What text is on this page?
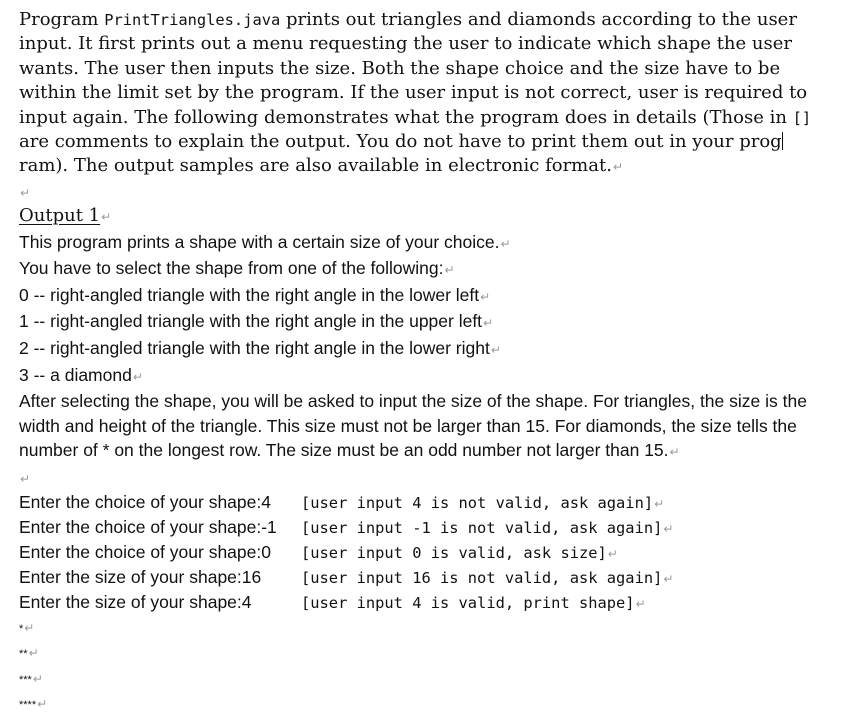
Program PrintTriangles.java prints out triangles and diamonds according to the user input. It first prints out a menu requesting the user to indicate which shape the user wants. The user then inputs the size. Both the shape choice and the size have to be within the limit set by the program. If the user input is not correct, user is required to input again. The following demonstrates what the program does in details (Those in [] are comments to explain the output. You do not have to print them out in your program). The output samples are also available in electronic format.↵
↵
Output 1↵
This program prints a shape with a certain size of your choice.↵
You have to select the shape from one of the following:↵
0 -- right-angled triangle with the right angle in the lower left↵
1 -- right-angled triangle with the right angle in the upper left↵
2 -- right-angled triangle with the right angle in the lower right↵
3 -- a diamond↵
After selecting the shape, you will be asked to input the size of the shape. For triangles, the size is the width and height of the triangle. This size must not be larger than 15. For diamonds, the size tells the number of * on the longest row. The size must be an odd number not larger than 15.↵
↵
Enter the choice of your shape:4	[user input 4 is not valid, ask again] ↵
Enter the choice of your shape:-1	[user input -1 is not valid, ask again] ↵
Enter the choice of your shape:0	[user input 0 is valid, ask size] ↵
Enter the size of your shape:16	[user input 16 is not valid, ask again] ↵
Enter the size of your shape:4	[user input 4 is valid, print shape] ↵
*↵
**↵
***↵
****↵
